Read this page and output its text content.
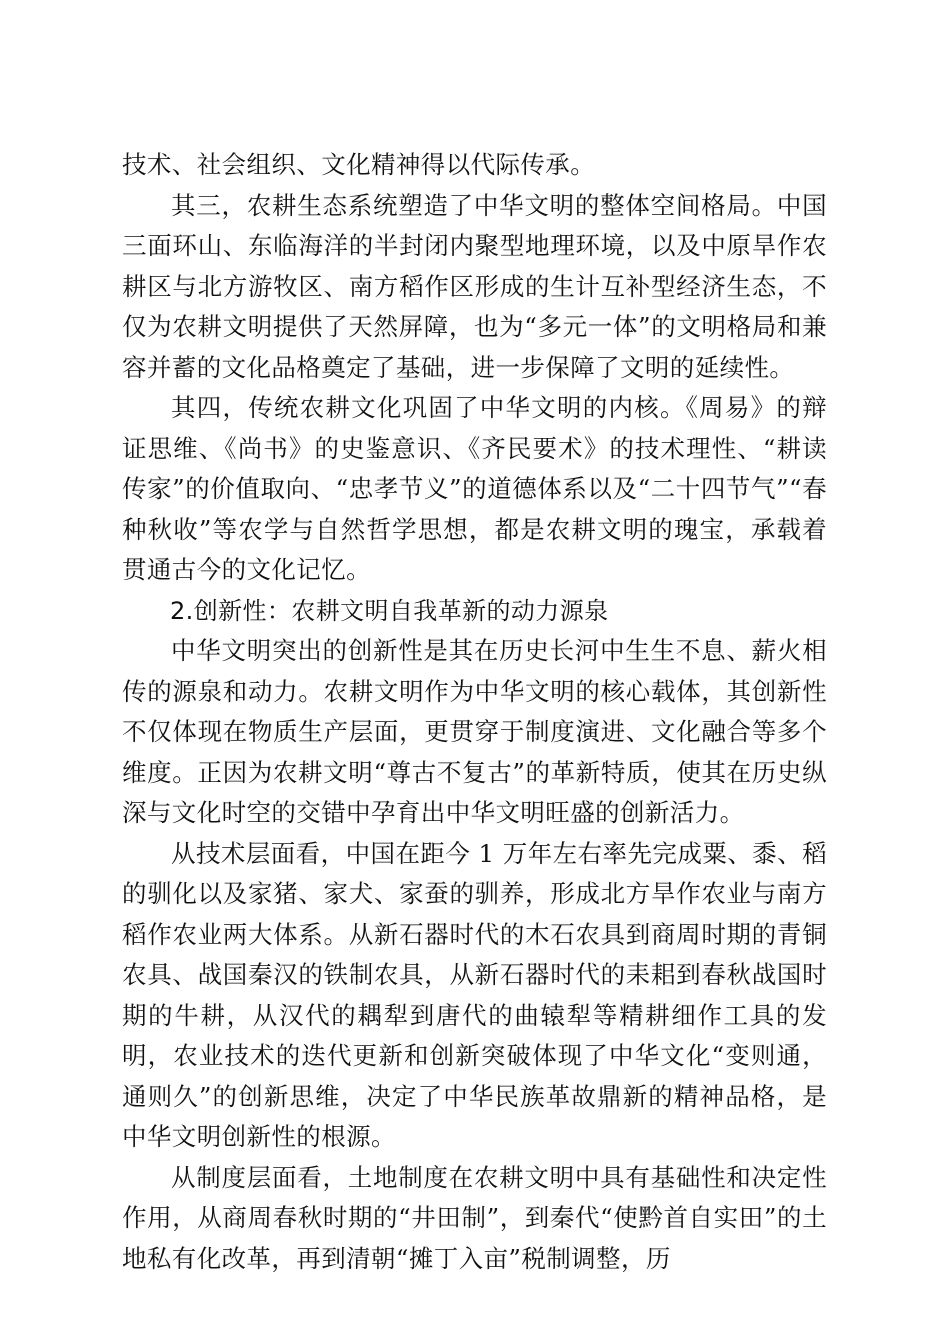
技术、社会组织、文化精神得以代际传承。

其三，农耕生态系统塑造了中华文明的整体空间格局。中国三面环山、东临海洋的半封闭内聚型地理环境，以及中原旱作农耕区与北方游牧区、南方稻作区形成的生计互补型经济生态，不仅为农耕文明提供了天然屏障，也为“多元一体”的文明格局和兼容并蓄的文化品格奠定了基础，进一步保障了文明的延续性。

其四，传统农耕文化巩固了中华文明的内核。《周易》的辩证思维、《尚书》的史鉴意识、《齐民要术》的技术理性、“耕读传家”的价值取向、“忠孝节义”的道德体系以及“二十四节气”“春种秋收”等农学与自然哲学思想，都是农耕文明的瑰宝，承载着贯通古今的文化记忆。

2.创新性：农耕文明自我革新的动力源泉

中华文明突出的创新性是其在历史长河中生生不息、薪火相传的源泉和动力。农耕文明作为中华文明的核心载体，其创新性不仅体现在物质生产层面，更贯穿于制度演进、文化融合等多个维度。正因为农耕文明“尊古不复古”的革新特质，使其在历史纵深与文化时空的交错中孕育出中华文明旺盛的创新活力。

从技术层面看，中国在距今 1 万年左右率先完成粟、黍、稻的驯化以及家猪、家犬、家蚕的驯养，形成北方旱作农业与南方稻作农业两大体系。从新石器时代的木石农具到商周时期的青铜农具、战国秦汉的铁制农具，从新石器时代的耒耜到春秋战国时期的牛耕，从汉代的耦犁到唐代的曲辕犁等精耕细作工具的发明，农业技术的迭代更新和创新突破体现了中华文化“变则通，通则久”的创新思维，决定了中华民族革故鼎新的精神品格，是中华文明创新性的根源。

从制度层面看，土地制度在农耕文明中具有基础性和决定性作用，从商周春秋时期的“井田制”，到秦代“使黔首自实田”的土地私有化改革，再到清朝“摊丁入亩”税制调整，历
